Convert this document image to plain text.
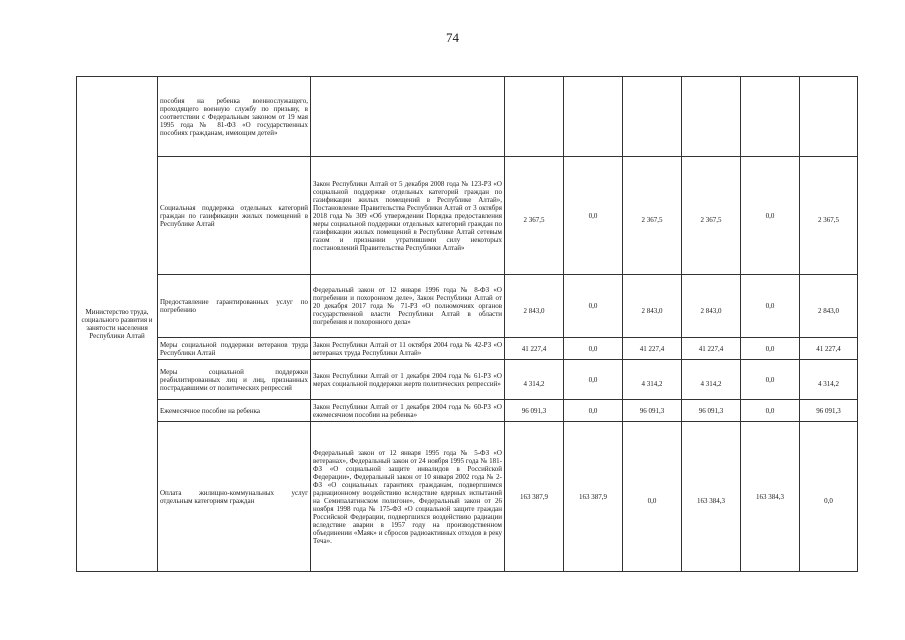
74
Министерство труда, социального развития и занятости населения Республики Алтай	пособия на ребенка военнослужащего, проходящего военную службу по призыву, в соответствии с Федеральным законом от 19 мая 1995 года № 81-ФЗ «О государственных пособиях гражданам, имеющим детей»							
	Социальная поддержка отдельных категорий граждан по газификации жилых помещений в Республике Алтай	Закон Республики Алтай от 5 декабря 2008 года № 123-РЗ «О социальной поддержке отдельных категорий граждан по газификации жилых помещений в Республике Алтай», Постановление Правительства Республики Алтай от 3 октября 2018 года № 309 «Об утверждении Порядка предоставления меры социальной поддержки отдельных категорий граждан по газификации жилых помещений в Республике Алтай сетевым газом и признании утратившими силу некоторых постановлений Правительства Республики Алтай»	2 367,5	0,0	2 367,5	2 367,5	0,0	2 367,5
	Предоставление гарантированных услуг по погребению	Федеральный закон от 12 января 1996 года № 8-ФЗ «О погребении и похоронном деле», Закон Республики Алтай от 20 декабря 2017 года № 71-РЗ «О полномочиях органов государственной власти Республики Алтай в области погребения и похоронного дела»	2 843,0	0,0	2 843,0	2 843,0	0,0	2 843,0
	Меры социальной поддержки ветеранов труда Республики Алтай	Закон Республики Алтай от 11 октября 2004 года № 42-РЗ «О ветеранах труда Республики Алтай»	41 227,4	0,0	41 227,4	41 227,4	0,0	41 227,4
	Меры социальной поддержки реабилитированных лиц и лиц, признанных пострадавшими от политических репрессий	Закон Республики Алтай от 1 декабря 2004 года № 61-РЗ «О мерах социальной поддержки жертв политических репрессий»	4 314,2	0,0	4 314,2	4 314,2	0,0	4 314,2
	Ежемесячное пособие на ребенка	Закон Республики Алтай от 1 декабря 2004 года № 60-РЗ «О ежемесячном пособии на ребенка»	96 091,3	0,0	96 091,3	96 091,3	0,0	96 091,3
	Оплата жилищно-коммунальных услуг отдельным категориям граждан	Федеральный закон от 12 января 1995 года № 5-ФЗ «О ветеранах», Федеральный закон от 24 ноября 1995 года № 181-ФЗ «О социальной защите инвалидов в Российской Федерации», Федеральный закон от 10 января 2002 года № 2-ФЗ «О социальных гарантиях гражданам, подвергшимся радиационному воздействию вследствие ядерных испытаний на Семипалатинском полигоне», Федеральный закон от 26 ноября 1998 года № 175-ФЗ «О социальной защите граждан Российской Федерации, подвергшихся воздействию радиации вследствие аварии в 1957 году на производственном объединении «Маяк» и сбросов радиоактивных отходов в реку Теча».	163 387,9	163 387,9	0,0	163 384,3	163 384,3	0,0
